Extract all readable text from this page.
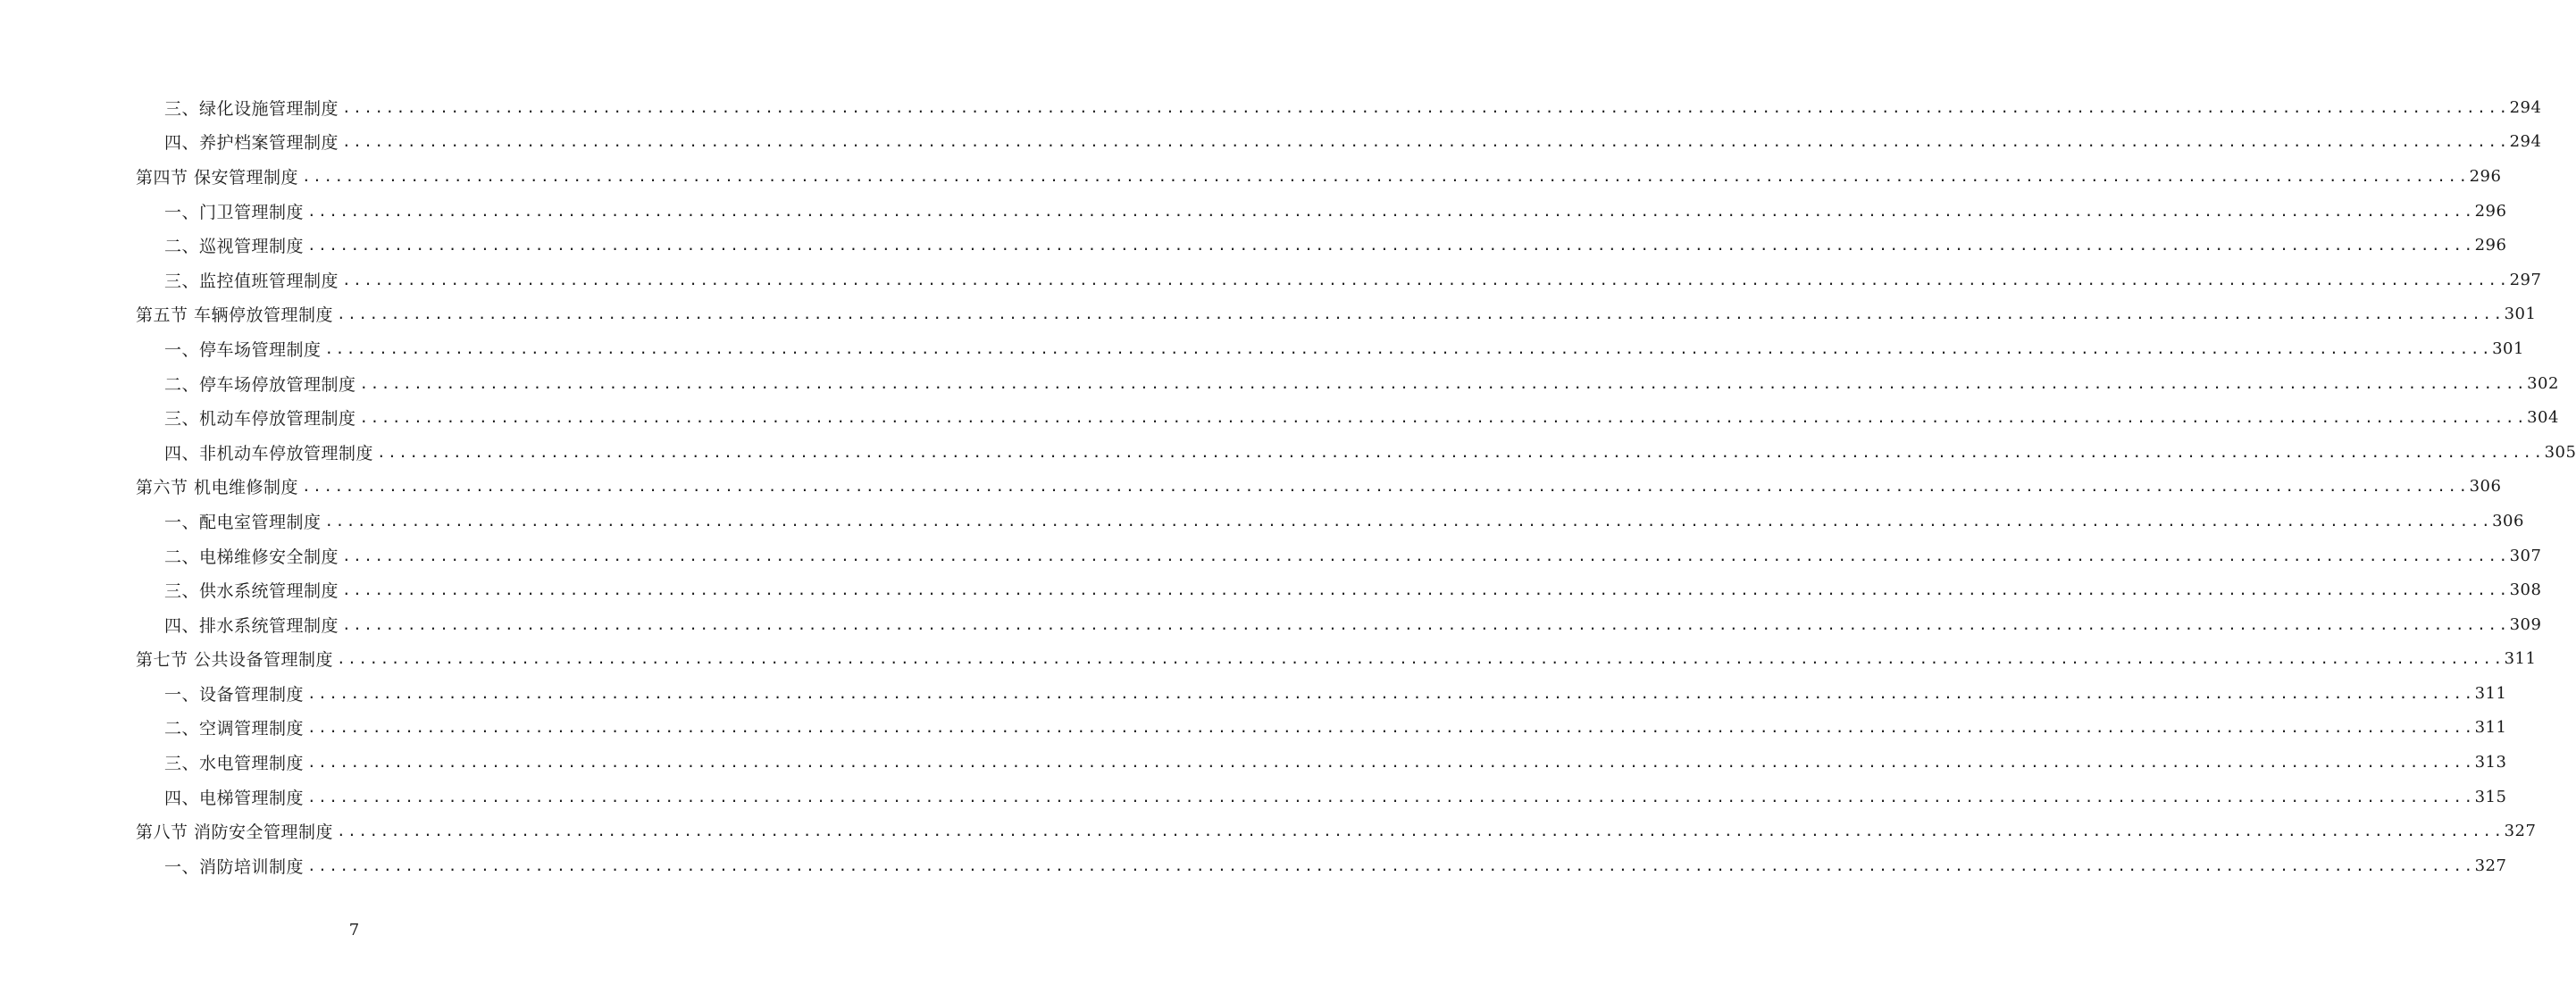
三、绿化设施管理制度 ........................................................................................................................................................................................................ 294
四、养护档案管理制度 ........................................................................................................................................................................................................ 294
第四节 保安管理制度 ........................................................................................................................................................................................................ 296
一、门卫管理制度 ........................................................................................................................................................................................................ 296
二、巡视管理制度 ........................................................................................................................................................................................................ 296
三、监控值班管理制度 ........................................................................................................................................................................................................ 297
第五节 车辆停放管理制度 ........................................................................................................................................................................................................ 301
一、停车场管理制度 ........................................................................................................................................................................................................ 301
二、停车场停放管理制度 ........................................................................................................................................................................................................ 302
三、机动车停放管理制度 ........................................................................................................................................................................................................ 304
四、非机动车停放管理制度 ........................................................................................................................................................................................................ 305
第六节 机电维修制度 ........................................................................................................................................................................................................ 306
一、配电室管理制度 ........................................................................................................................................................................................................ 306
二、电梯维修安全制度 ........................................................................................................................................................................................................ 307
三、供水系统管理制度 ........................................................................................................................................................................................................ 308
四、排水系统管理制度 ........................................................................................................................................................................................................ 309
第七节 公共设备管理制度 ........................................................................................................................................................................................................ 311
一、设备管理制度 ........................................................................................................................................................................................................ 311
二、空调管理制度 ........................................................................................................................................................................................................ 311
三、水电管理制度 ........................................................................................................................................................................................................ 313
四、电梯管理制度 ........................................................................................................................................................................................................ 315
第八节 消防安全管理制度 ........................................................................................................................................................................................................ 327
一、消防培训制度 ........................................................................................................................................................................................................ 327
7
